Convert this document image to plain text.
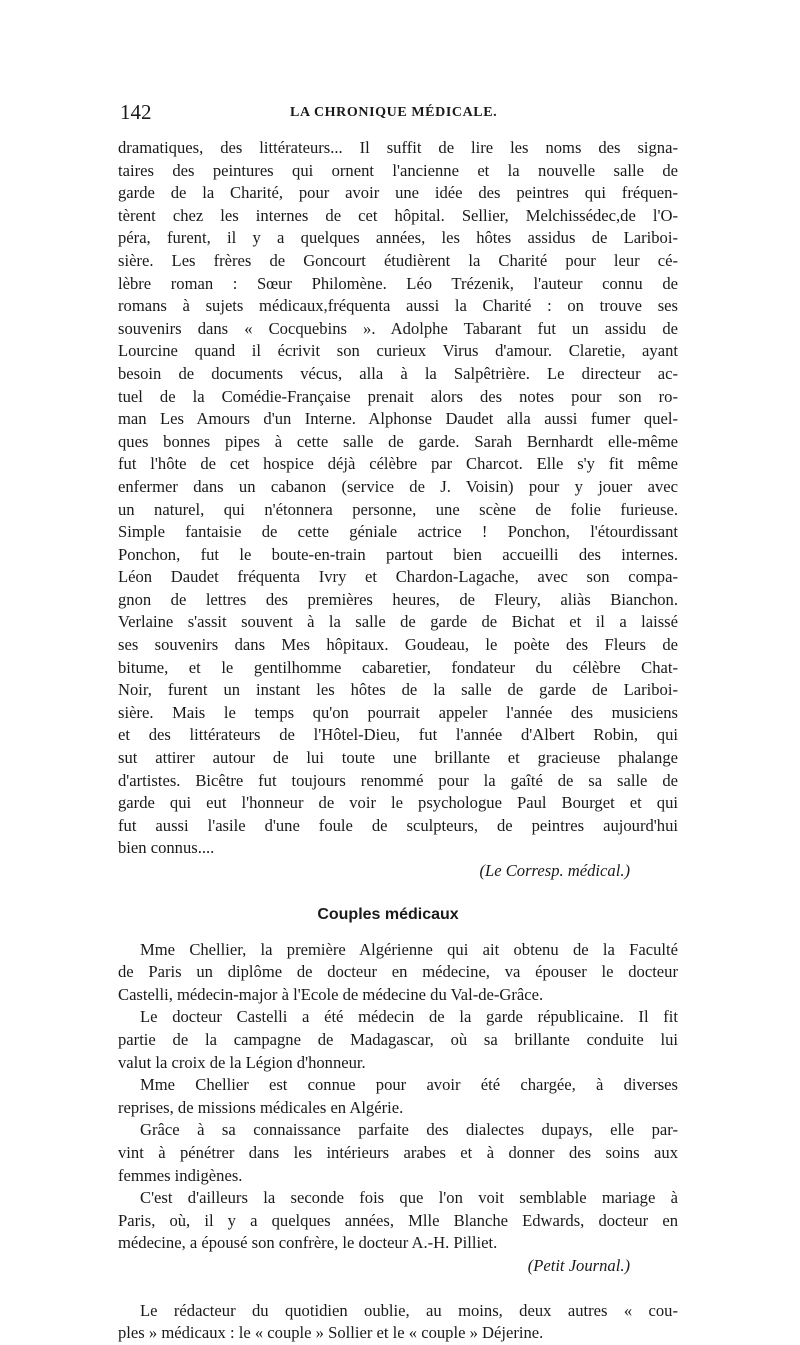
142	LA CHRONIQUE MÉDICALE.
dramatiques, des littérateurs... Il suffit de lire les noms des signa-
taires des peintures qui ornent l'ancienne et la nouvelle salle de
garde de la Charité, pour avoir une idée des peintres qui fréquen-
tèrent chez les internes de cet hôpital. Sellier, Melchissédec,de l'O-
péra, furent, il y a quelques années, les hôtes assidus de Lariboi-
sière. Les frères de Goncourt étudièrent la Charité pour leur cé-
lèbre roman : Sœur Philomène. Léo Trézenik, l'auteur connu de
romans à sujets médicaux,fréquenta aussi la Charité : on trouve ses
souvenirs dans « Cocquebins ». Adolphe Tabarant fut un assidu de
Lourcine quand il écrivit son curieux Virus d'amour. Claretie, ayant
besoin de documents vécus, alla à la Salpêtrière. Le directeur ac-
tuel de la Comédie-Française prenait alors des notes pour son ro-
man Les Amours d'un Interne. Alphonse Daudet alla aussi fumer quel-
ques bonnes pipes à cette salle de garde. Sarah Bernhardt elle-même
fut l'hôte de cet hospice déjà célèbre par Charcot. Elle s'y fit même
enfermer dans un cabanon (service de J. Voisin) pour y jouer avec
un naturel, qui n'étonnera personne, une scène de folie furieuse.
Simple fantaisie de cette géniale actrice ! Ponchon, l'étourdissant
Ponchon, fut le boute-en-train partout bien accueilli des internes.
Léon Daudet fréquenta Ivry et Chardon-Lagache, avec son compa-
gnon de lettres des premières heures, de Fleury, aliàs Bianchon.
Verlaine s'assit souvent à la salle de garde de Bichat et il a laissé
ses souvenirs dans Mes hôpitaux. Goudeau, le poète des Fleurs de
bitume, et le gentilhomme cabaretier, fondateur du célèbre Chat-
Noir, furent un instant les hôtes de la salle de garde de Lariboi-
sière. Mais le temps qu'on pourrait appeler l'année des musiciens
et des littérateurs de l'Hôtel-Dieu, fut l'année d'Albert Robin, qui
sut attirer autour de lui toute une brillante et gracieuse phalange
d'artistes. Bicêtre fut toujours renommé pour la gaîté de sa salle de
garde qui eut l'honneur de voir le psychologue Paul Bourget et qui
fut aussi l'asile d'une foule de sculpteurs, de peintres aujourd'hui
bien connus....
(Le Corresp. médical.)
Couples médicaux
Mme Chellier, la première Algérienne qui ait obtenu de la Faculté
de Paris un diplôme de docteur en médecine, va épouser le docteur
Castelli, médecin-major à l'Ecole de médecine du Val-de-Grâce.
Le docteur Castelli a été médecin de la garde républicaine. Il fit
partie de la campagne de Madagascar, où sa brillante conduite lui
valut la croix de la Légion d'honneur.
Mme Chellier est connue pour avoir été chargée, à diverses
reprises, de missions médicales en Algérie.
Grâce à sa connaissance parfaite des dialectes dupays, elle par-
vint à pénétrer dans les intérieurs arabes et à donner des soins aux
femmes indigènes.
C'est d'ailleurs la seconde fois que l'on voit semblable mariage à
Paris, où, il y a quelques années, Mlle Blanche Edwards, docteur en
médecine, a épousé son confrère, le docteur A.-H. Pilliet.
(Petit Journal.)
Le rédacteur du quotidien oublie, au moins, deux autres « cou-
ples » médicaux : le « couple » Sollier et le « couple » Déjerine.
